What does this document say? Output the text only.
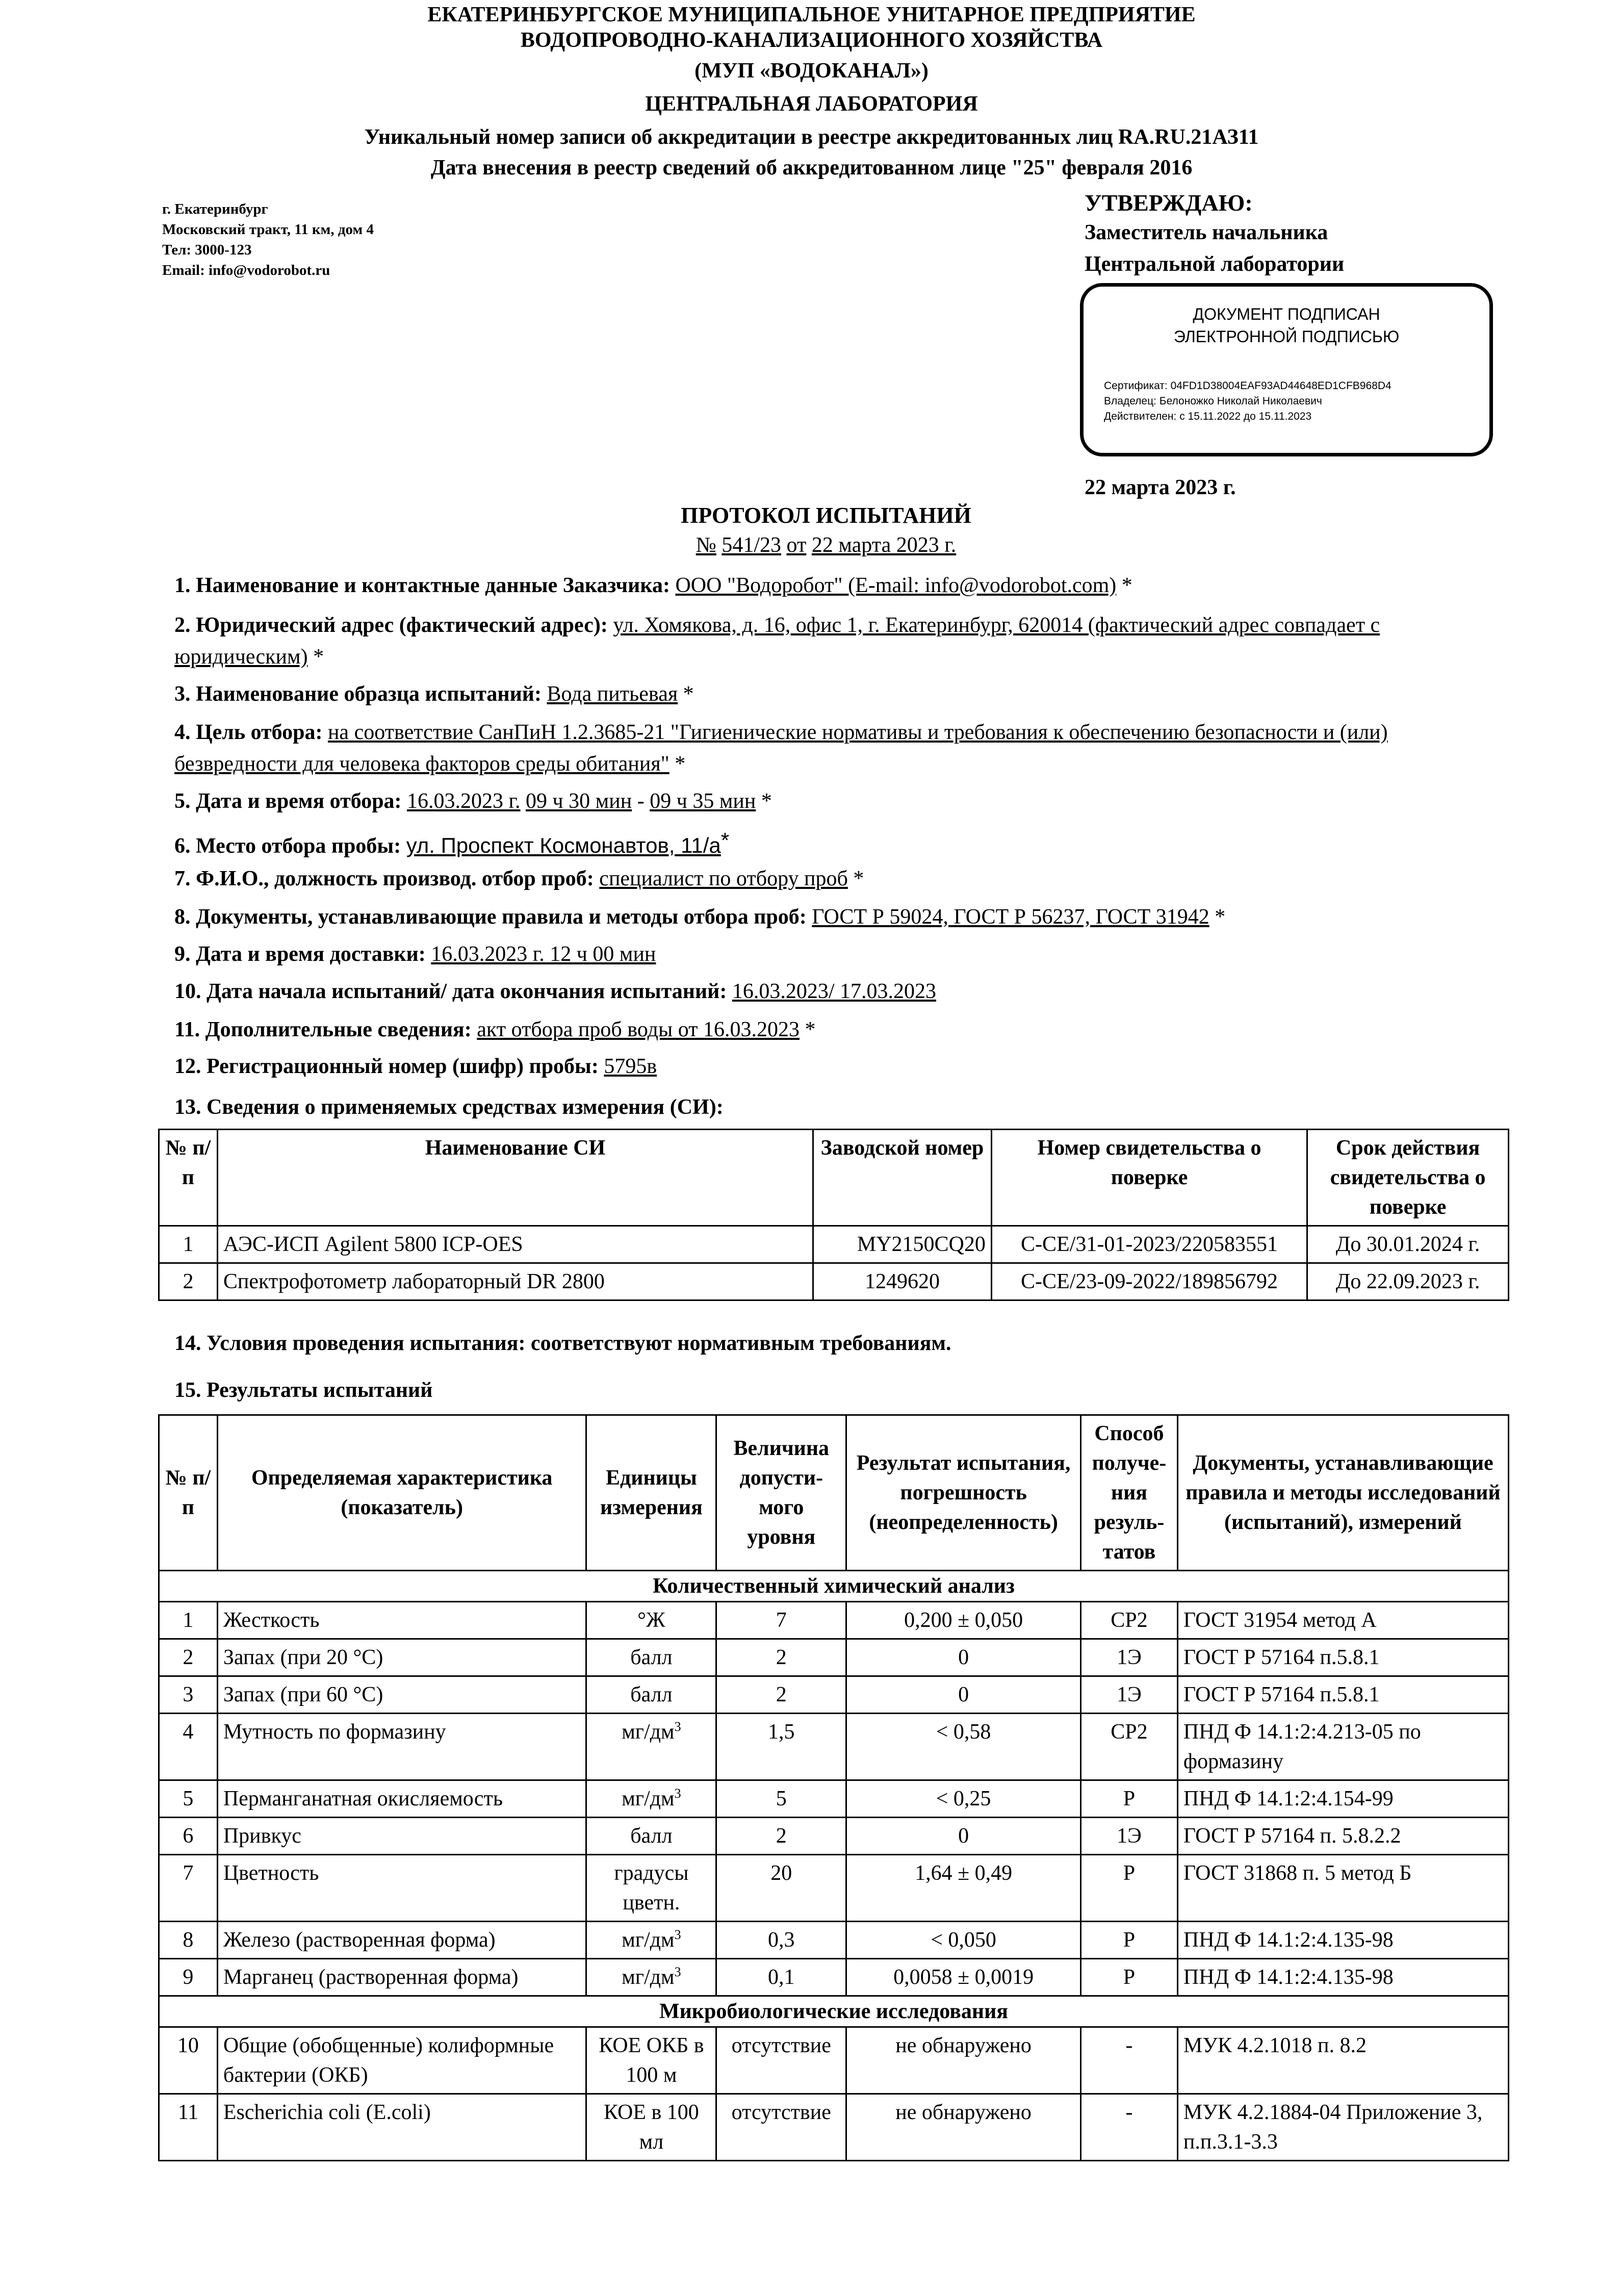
ЕКАТЕРИНБУРГСКОЕ МУНИЦИПАЛЬНОЕ УНИТАРНОЕ ПРЕДПРИЯТИЕ
ВОДОПРОВОДНО-КАНАЛИЗАЦИОННОГО ХОЗЯЙСТВА
(МУП «ВОДОКАНАЛ»)
ЦЕНТРАЛЬНАЯ ЛАБОРАТОРИЯ
Уникальный номер записи об аккредитации в реестре аккредитованных лиц RA.RU.21АЗ11
Дата внесения в реестр сведений об аккредитованном лице "25" февраля 2016
г. Екатеринбург
Московский тракт, 11 км, дом 4
Тел: 3000-123
Email: info@vodorobot.ru
УТВЕРЖДАЮ:
Заместитель начальника
Центральной лаборатории
ДОКУМЕНТ ПОДПИСАН
ЭЛЕКТРОННОЙ ПОДПИСЬЮ
Сертификат: 04FD1D38004EAF93AD44648ED1CFB968D4
Владелец: Белоножко Николай Николаевич
Действителен: с 15.11.2022 до 15.11.2023
22 марта 2023 г.
ПРОТОКОЛ ИСПЫТАНИЙ
№ 541/23 от 22 марта 2023 г.
1. Наименование и контактные данные Заказчика: ООО "Водоробот" (E-mail: info@vodorobot.com) *
2. Юридический адрес (фактический адрес): ул. Хомякова, д. 16, офис 1, г. Екатеринбург, 620014 (фактический адрес совпадает с юридическим) *
3. Наименование образца испытаний: Вода питьевая *
4. Цель отбора: на соответствие СанПиН 1.2.3685-21 "Гигиенические нормативы и требования к обеспечению безопасности и (или) безвредности для человека факторов среды обитания" *
5. Дата и время отбора: 16.03.2023 г. 09 ч 30 мин - 09 ч 35 мин *
6. Место отбора пробы: ул. Проспект Космонавтов, 11/а*
7. Ф.И.О., должность производ. отбор проб: специалист по отбору проб *
8. Документы, устанавливающие правила и методы отбора проб: ГОСТ Р 59024, ГОСТ Р 56237, ГОСТ 31942 *
9. Дата и время доставки: 16.03.2023 г. 12 ч 00 мин
10. Дата начала испытаний/ дата окончания испытаний: 16.03.2023/ 17.03.2023
11. Дополнительные сведения: акт отбора проб воды от 16.03.2023 *
12. Регистрационный номер (шифр) пробы: 5795в
13. Сведения о применяемых средствах измерения (СИ):
№ п/п	Наименование СИ	Заводской номер	Номер свидетельства о поверке	Срок действия свидетельства о поверке
1	АЭС-ИСП Agilent 5800 ICP-OES	MY2150CQ20	С-СЕ/31-01-2023/220583551	До 30.01.2024 г.
2	Спектрофотометр лабораторный DR 2800	1249620	С-СЕ/23-09-2022/189856792	До 22.09.2023 г.
14. Условия проведения испытания: соответствуют нормативным требованиям.
15. Результаты испытаний
№ п/п	Определяемая характеристика (показатель)	Единицы измерения	Величина допусти-мого уровня	Результат испытания, погрешность (неопределенность)	Способ получе-ния резуль-татов	Документы, устанавливающие правила и методы исследований (испытаний), измерений
Количественный химический анализ						
1	Жесткость	°Ж	7	0,200 ± 0,050	СР2	ГОСТ 31954 метод А
2	Запах (при 20 °С)	балл	2	0	1Э	ГОСТ Р 57164 п.5.8.1
3	Запах (при 60 °С)	балл	2	0	1Э	ГОСТ Р 57164 п.5.8.1
4	Мутность по формазину	$мг/дм^3$	1,5	< 0,58	СР2	ПНД Ф 14.1:2:4.213-05 по формазину
5	Перманганатная окисляемость	$мг/дм^3$	5	< 0,25	Р	ПНД Ф 14.1:2:4.154-99
6	Привкус	балл	2	0	1Э	ГОСТ Р 57164 п. 5.8.2.2
7	Цветность	градусы цветн.	20	1,64 ± 0,49	Р	ГОСТ 31868 п. 5 метод Б
8	Железо (растворенная форма)	$мг/дм^3$	0,3	< 0,050	Р	ПНД Ф 14.1:2:4.135-98
9	Марганец (растворенная форма)	$мг/дм^3$	0,1	0,0058 ± 0,0019	Р	ПНД Ф 14.1:2:4.135-98
Микробиологические исследования						
10	Общие (обобщенные) колиформные бактерии (ОКБ)	КОЕ ОКБ в 100 м	отсутствие	не обнаружено	-	МУК 4.2.1018 п. 8.2
11	Escherichia coli (E.coli)	КОЕ в 100 мл	отсутствие	не обнаружено	-	МУК 4.2.1884-04 Приложение 3, п.п.3.1-3.3
